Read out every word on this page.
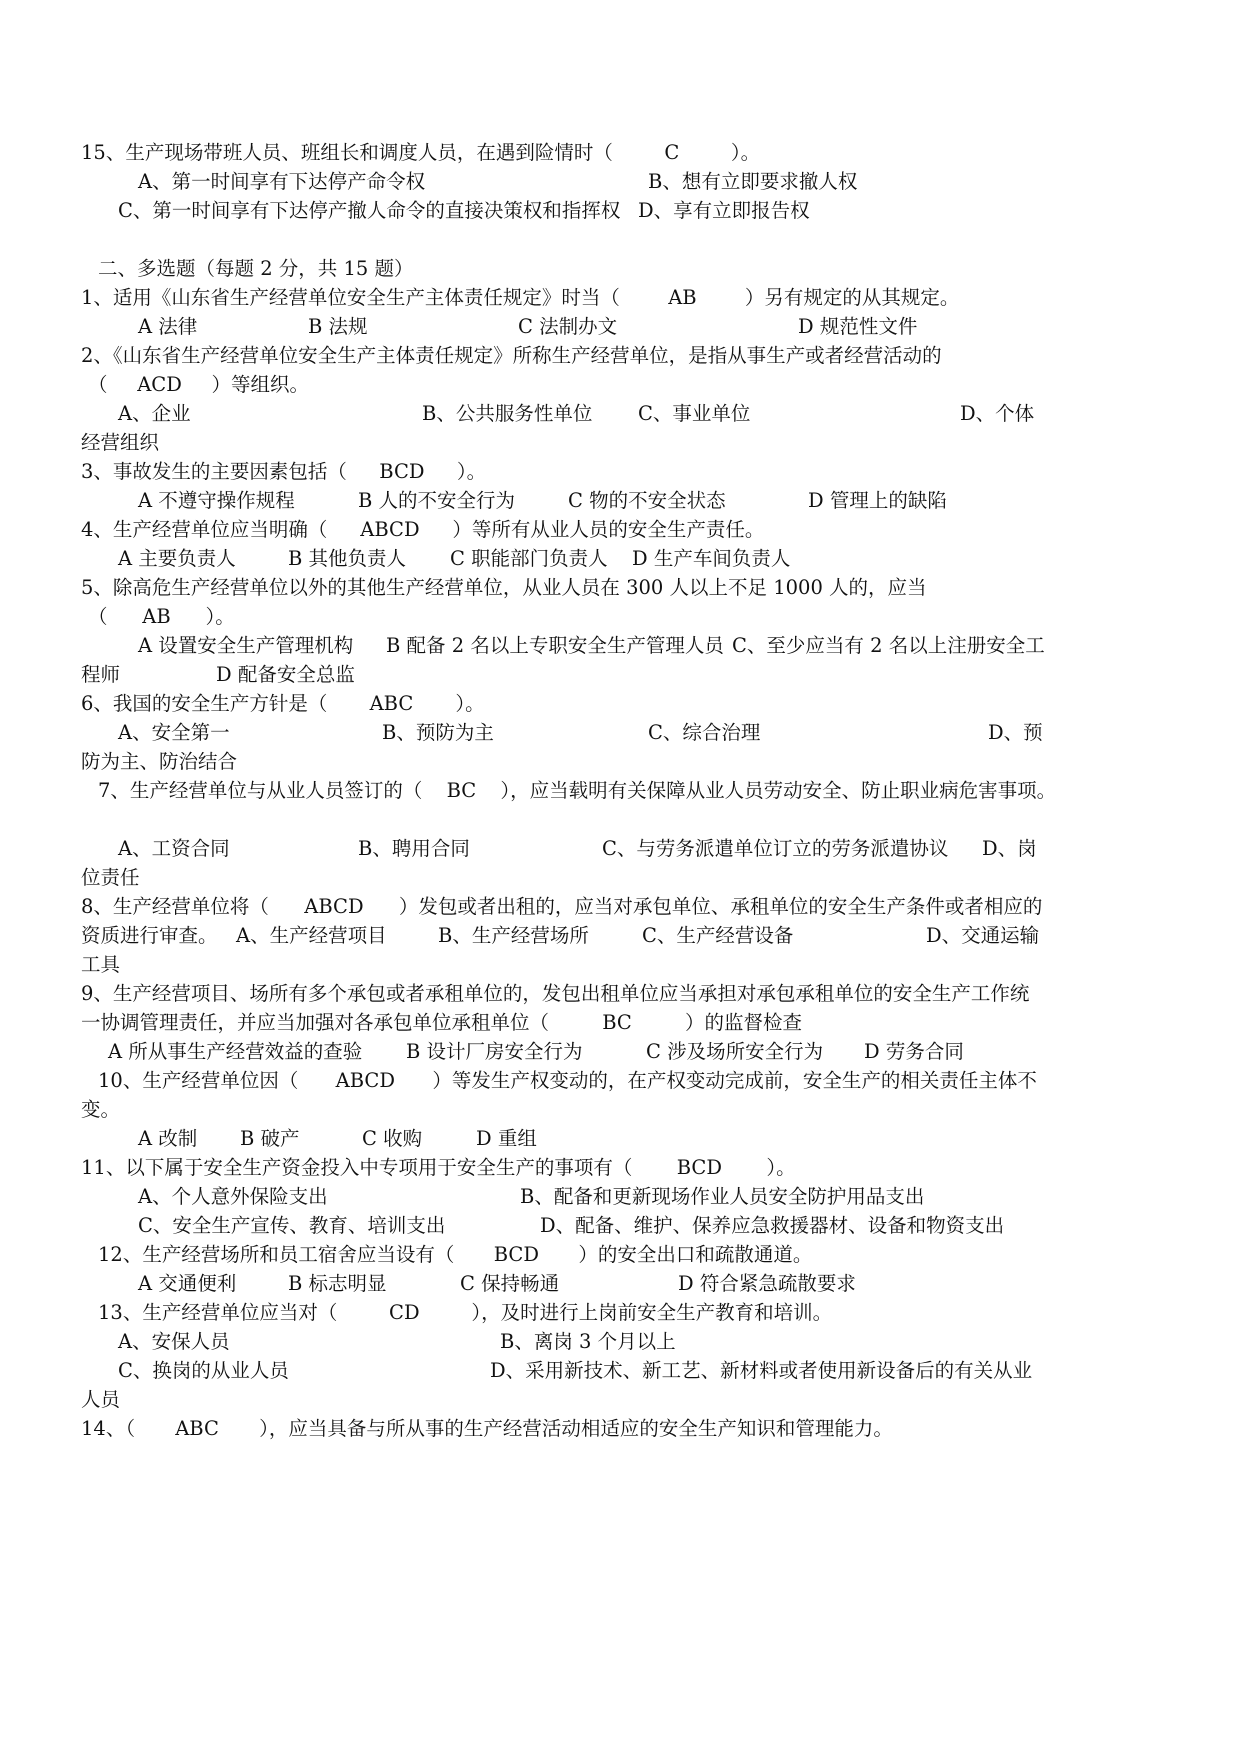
15、生产现场带班人员、班组长和调度人员，在遇到险情时（	C	）。
A、第一时间享有下达停产命令权	B、想有立即要求撤人权
C、第一时间享有下达停产撤人命令的直接决策权和指挥权 D、享有立即报告权
二、多选题（每题 2 分，共 15 题）
1、适用《山东省生产经营单位安全生产主体责任规定》时当（ AB ）另有规定的从其规定。
A 法律	B 法规	C 法制办文	D 规范性文件
2、《山东省生产经营单位安全生产主体责任规定》所称生产经营单位，是指从事生产或者经营活动的
（ ACD ）等组织。
A、企业	B、公共服务性单位 C、事业单位	D、个体
经营组织
3、事故发生的主要因素包括（ BCD ）。
A 不遵守操作规程	B 人的不安全行为	C 物的不安全状态	D 管理上的缺陷
4、生产经营单位应当明确（ ABCD ）等所有从业人员的安全生产责任。
A 主要负责人	B 其他负责人 C 职能部门负责人 D 生产车间负责人
5、除高危生产经营单位以外的其他生产经营单位，从业人员在 300 人以上不足 1000 人的，应当
（ AB ）。
A 设置安全生产管理机构 B 配备 2 名以上专职安全生产管理人员 C、至少应当有 2 名以上注册安全工
程师	D 配备安全总监
6、我国的安全生产方针是（ ABC ）。
A、安全第一	B、预防为主	C、综合治理	D、预
防为主、防治结合
7、生产经营单位与从业人员签订的（ BC ），应当载明有关保障从业人员劳动安全、防止职业病危害事项。
A、工资合同	B、聘用合同	C、与劳务派遣单位订立的劳务派遣协议 D、岗
位责任
8、生产经营单位将（ ABCD ）发包或者出租的，应当对承包单位、承租单位的安全生产条件或者相应的
资质进行审查。 A、生产经营项目	B、生产经营场所	C、生产经营设备	D、交通运输
工具
9、生产经营项目、场所有多个承包或者承租单位的，发包出租单位应当承担对承包承租单位的安全生产工作统
一协调管理责任，并应当加强对各承包单位承租单位（	BC	）的监督检查
A 所从事生产经营效益的查验 B 设计厂房安全行为	C 涉及场所安全行为 D 劳务合同
10、生产经营单位因（ ABCD ）等发生产权变动的，在产权变动完成前，安全生产的相关责任主体不
变。
A 改制 B 破产	C 收购	D 重组
11、以下属于安全生产资金投入中专项用于安全生产的事项有（ BCD ）。
A、个人意外保险支出	B、配备和更新现场作业人员安全防护用品支出
C、安全生产宣传、教育、培训支出	D、配备、维护、保养应急救援器材、设备和物资支出
12、生产经营场所和员工宿舍应当设有（ BCD ）的安全出口和疏散通道。
A 交通便利	B 标志明显	C 保持畅通	D 符合紧急疏散要求
13、生产经营单位应当对（	CD	），及时进行上岗前安全生产教育和培训。
A、安保人员	B、离岗 3 个月以上
C、换岗的从业人员	D、采用新技术、新工艺、新材料或者使用新设备后的有关从业
人员
14、（ ABC ），应当具备与所从事的生产经营活动相适应的安全生产知识和管理能力。
